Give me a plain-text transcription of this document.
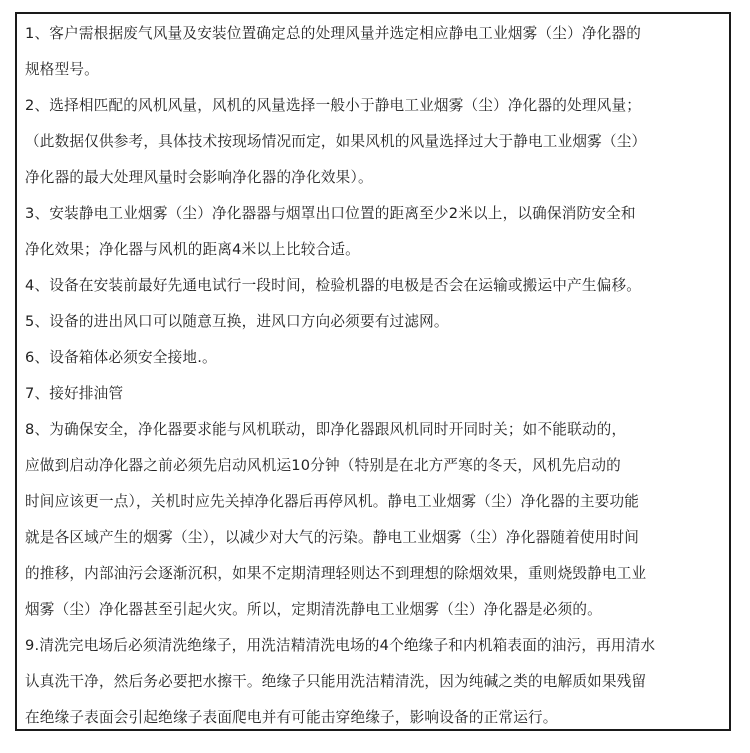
1、客户需根据废气风量及安装位置确定总的处理风量并选定相应静电工业烟雾（尘）净化器的
规格型号。
2、选择相匹配的风机风量，风机的风量选择一般小于静电工业烟雾（尘）净化器的处理风量；
（此数据仅供参考，具体技术按现场情况而定，如果风机的风量选择过大于静电工业烟雾（尘）
净化器的最大处理风量时会影响净化器的净化效果）。
3、安装静电工业烟雾（尘）净化器器与烟罩出口位置的距离至少2米以上，以确保消防安全和
净化效果；净化器与风机的距离4米以上比较合适。
4、设备在安装前最好先通电试行一段时间，检验机器的电极是否会在运输或搬运中产生偏移。
5、设备的进出风口可以随意互换，进风口方向必须要有过滤网。
6、设备箱体必须安全接地.。
7、接好排油管
8、为确保安全，净化器要求能与风机联动，即净化器跟风机同时开同时关；如不能联动的，
应做到启动净化器之前必须先启动风机运10分钟（特别是在北方严寒的冬天，风机先启动的
时间应该更一点），关机时应先关掉净化器后再停风机。静电工业烟雾（尘）净化器的主要功能
就是各区域产生的烟雾（尘），以减少对大气的污染。静电工业烟雾（尘）净化器随着使用时间
的推移，内部油污会逐渐沉积，如果不定期清理轻则达不到理想的除烟效果，重则烧毁静电工业
烟雾（尘）净化器甚至引起火灾。所以，定期清洗静电工业烟雾（尘）净化器是必须的。
9.清洗完电场后必须清洗绝缘子，用洗洁精清洗电场的4个绝缘子和内机箱表面的油污，再用清水
认真洗干净，然后务必要把水擦干。绝缘子只能用洗洁精清洗，因为纯碱之类的电解质如果残留
在绝缘子表面会引起绝缘子表面爬电并有可能击穿绝缘子，影响设备的正常运行。
